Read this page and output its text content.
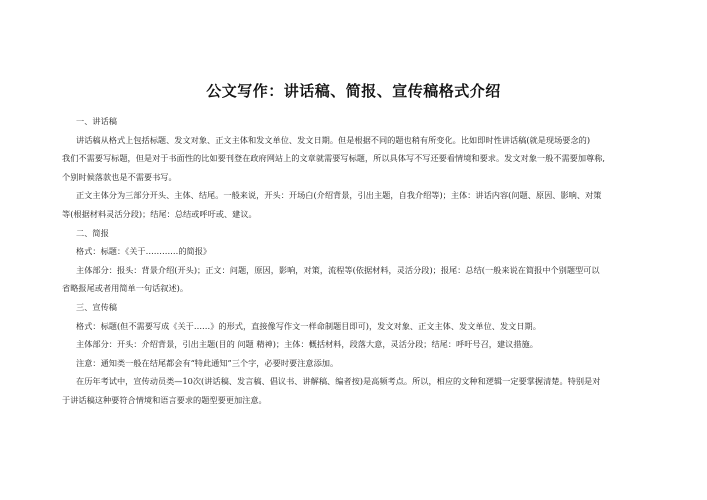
公文写作：讲话稿、简报、宣传稿格式介绍
一、讲话稿
讲话稿从格式上包括标题、发文对象、正文主体和发文单位、发文日期。但是根据不同的题也稍有所变化。比如即时性讲话稿(就是现场要念的)
我们不需要写标题，但是对于书面性的比如要刊登在政府网站上的文章就需要写标题，所以具体写不写还要看情境和要求。发文对象一般不需要加尊称,
个别时候落款也是不需要书写。
正文主体分为三部分开头、主体、结尾。一般来说，开头：开场白(介绍背景，引出主题，自我介绍等)；主体：讲话内容(问题、原因、影响、对策
等(根据材料灵活分段)；结尾：总结或呼吁或、建议。
二、简报
格式：标题：《关于…………的简报》
主体部分：报头：背景介绍(开头)；正文：问题，原因，影响，对策，流程等(依据材料，灵活分段)；报尾：总结(一般来说在简报中个别题型可以
省略报尾或者用简单一句话叙述)。
三、宣传稿
格式：标题(但不需要写成《关于……》的形式，直接像写作文一样命制题目即可)，发文对象、正文主体、发文单位、发文日期。
主体部分：开头：介绍背景，引出主题(目的 问题 精神)；主体：概括材料，段落大意，灵活分段；结尾：呼吁号召，建议措施。
注意：通知类一般在结尾都会有“特此通知”三个字，必要时要注意添加。
在历年考试中，宣传动员类—10次(讲话稿、发言稿、倡议书、讲解稿、编者按)是高频考点。所以，相应的文种和逻辑一定要掌握清楚。特别是对
于讲话稿这种要符合情境和语言要求的题型要更加注意。
